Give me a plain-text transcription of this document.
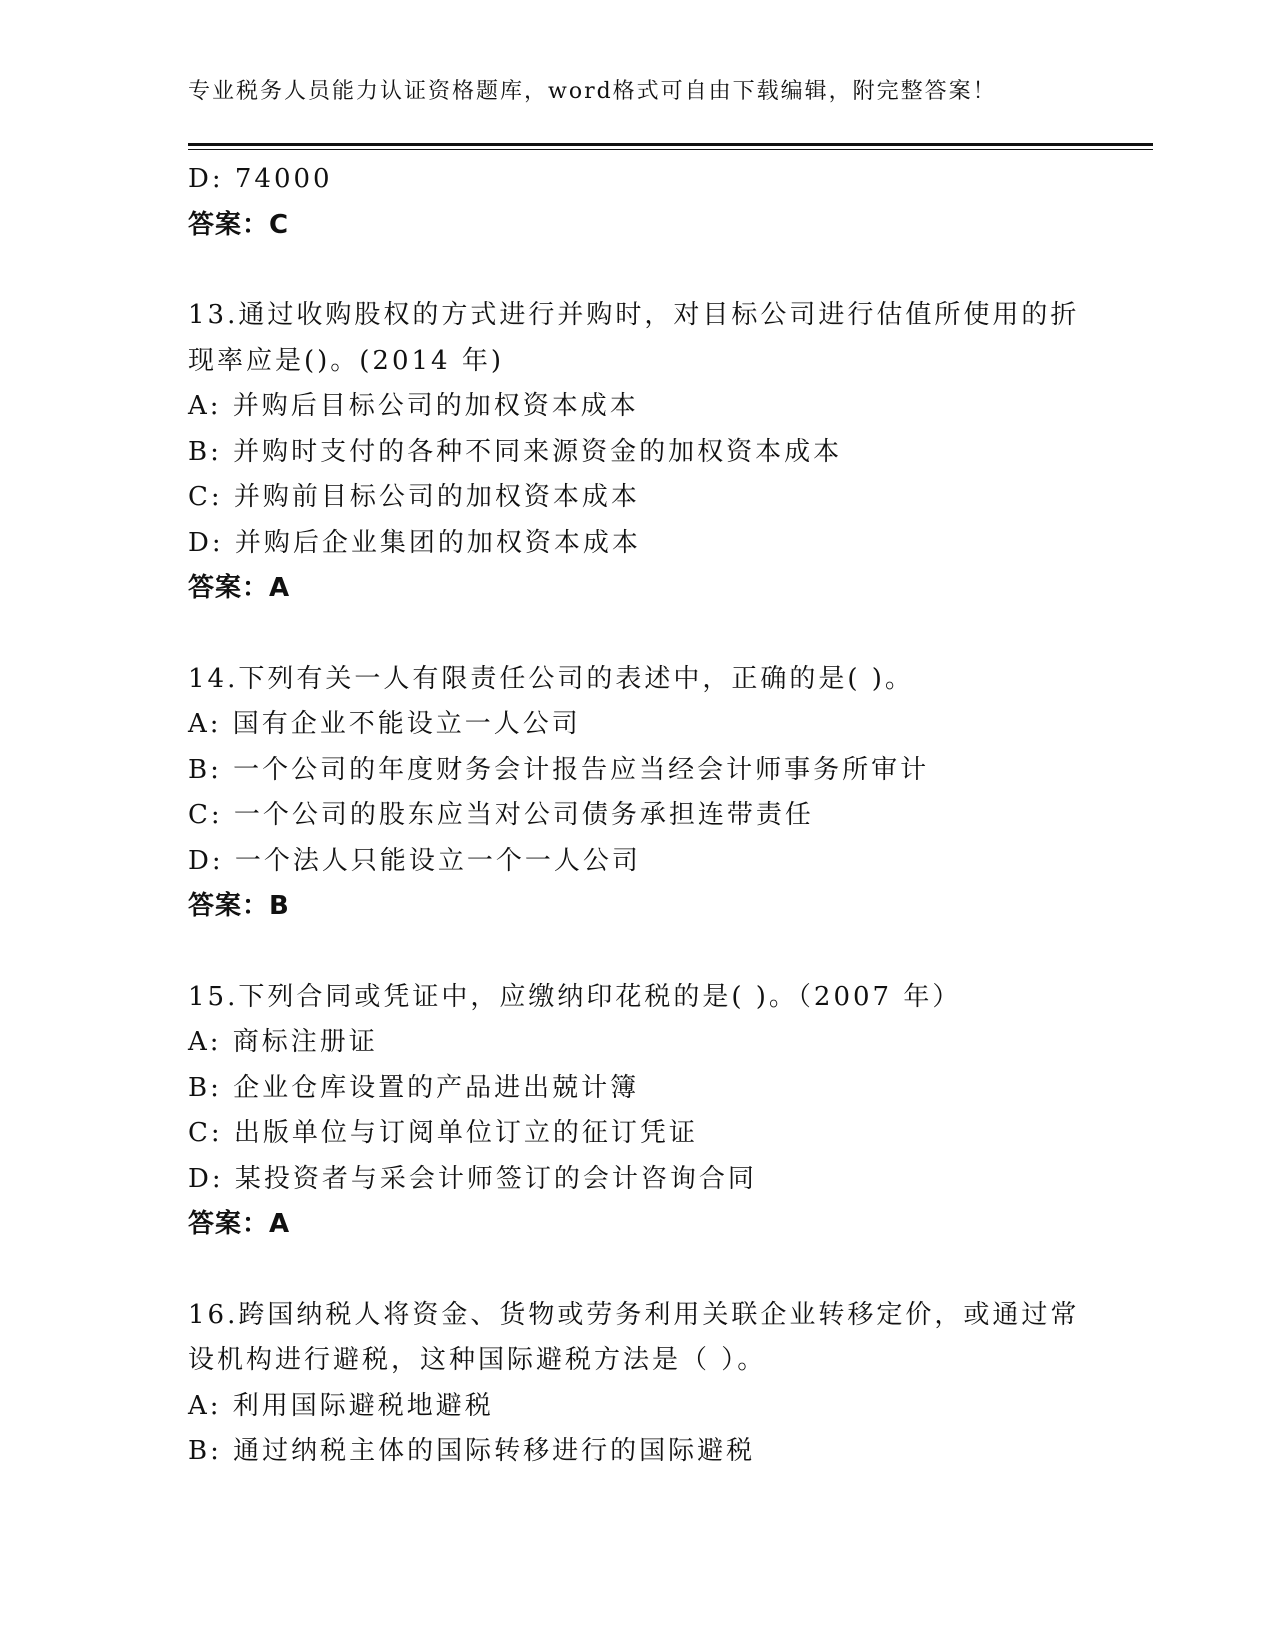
专业税务人员能力认证资格题库，word格式可自由下载编辑，附完整答案！
D: 74000
答案：C
13.通过收购股权的方式进行并购时，对目标公司进行估值所使用的折
现率应是()。(2014 年)
A: 并购后目标公司的加权资本成本
B: 并购时支付的各种不同来源资金的加权资本成本
C: 并购前目标公司的加权资本成本
D: 并购后企业集团的加权资本成本
答案：A
14.下列有关一人有限责任公司的表述中，正确的是( )。
A: 国有企业不能设立一人公司
B: 一个公司的年度财务会计报告应当经会计师事务所审计
C: 一个公司的股东应当对公司债务承担连带责任
D: 一个法人只能设立一个一人公司
答案：B
15.下列合同或凭证中，应缴纳印花税的是( )。（2007 年）
A: 商标注册证
B: 企业仓库设置的产品进出兢计簿
C: 出版单位与订阅单位订立的征订凭证
D: 某投资者与采会计师签订的会计咨询合同
答案：A
16.跨国纳税人将资金、货物或劳务利用关联企业转移定价，或通过常
设机构进行避税，这种国际避税方法是（ ）。
A: 利用国际避税地避税
B: 通过纳税主体的国际转移进行的国际避税
